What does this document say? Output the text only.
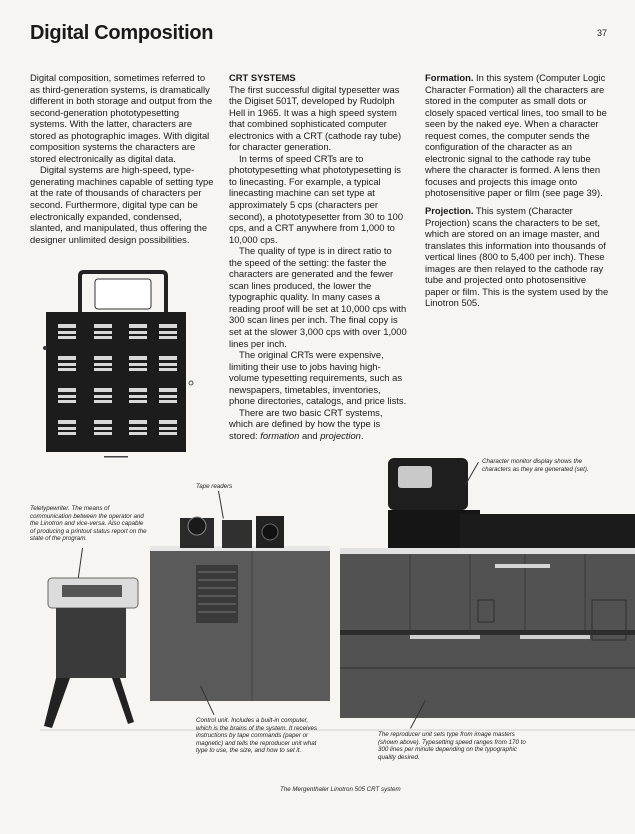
Digital Composition	37

Digital composition, sometimes referred to as third-generation systems, is dramatically different in both storage and output from the second-generation phototypesetting systems. With the latter, characters are stored as photographic images. With digital composition systems the characters are stored electronically as digital data.

Digital systems are high-speed, type-generating machines capable of setting type at the rate of thousands of characters per second. Furthermore, digital type can be electronically expanded, condensed, slanted, and manipulated, thus offering the designer unlimited design possibilities.

CRT SYSTEMS

The first successful digital typesetter was the Digiset 501T, developed by Rudolph Hell in 1965. It was a high speed system that combined sophisticated computer electronics with a CRT (cathode ray tube) for character generation.

In terms of speed CRTs are to phototypesetting what phototypesetting is to linecasting. For example, a typical linecasting machine can set type at approximately 5 cps (characters per second), a phototypesetter from 30 to 100 cps, and a CRT anywhere from 1,000 to 10,000 cps.

The quality of type is in direct ratio to the speed of the setting: the faster the characters are generated and the fewer scan lines produced, the lower the typographic quality. In many cases a reading proof will be set at 10,000 cps with 300 scan lines per inch. The final copy is set at the slower 3,000 cps with over 1,000 lines per inch.

The original CRTs were expensive, limiting their use to jobs having high-volume typesetting requirements, such as newspapers, timetables, inventories, phone directories, catalogs, and price lists.

There are two basic CRT systems, which are defined by how the type is stored: formation and projection.

Formation. In this system (Computer Logic Character Formation) all the characters are stored in the computer as small dots or closely spaced vertical lines, too small to be seen by the naked eye. When a character request comes, the computer sends the configuration of the character as an electronic signal to the cathode ray tube where the character is formed. A lens then focuses and projects this image onto photosensitive paper or film (see page 39).

Projection. This system (Character Projection) scans the characters to be set, which are stored on an image master, and translates this information into thousands of vertical lines (800 to 5,400 per inch). These images are then relayed to the cathode ray tube and projected onto photosensitive paper or film. This is the system used by the Linotron 505.

Character monitor display shows the characters as they are generated (set).
Tape readers
Teletypewriter. The means of communication between the operator and the Linotron and vice-versa. Also capable of producing a printout status report on the state of the program.
Control unit. Includes a built-in computer, which is the brains of the system. It receives instructions by tape commands (paper or magnetic) and tells the reproducer unit what type to use, the size, and how to set it.
The reproducer unit sets type from image masters (shown above). Typesetting speed ranges from 170 to 300 lines per minute depending on the typographic quality desired.
The Mergenthaler Linotron 505 CRT system
